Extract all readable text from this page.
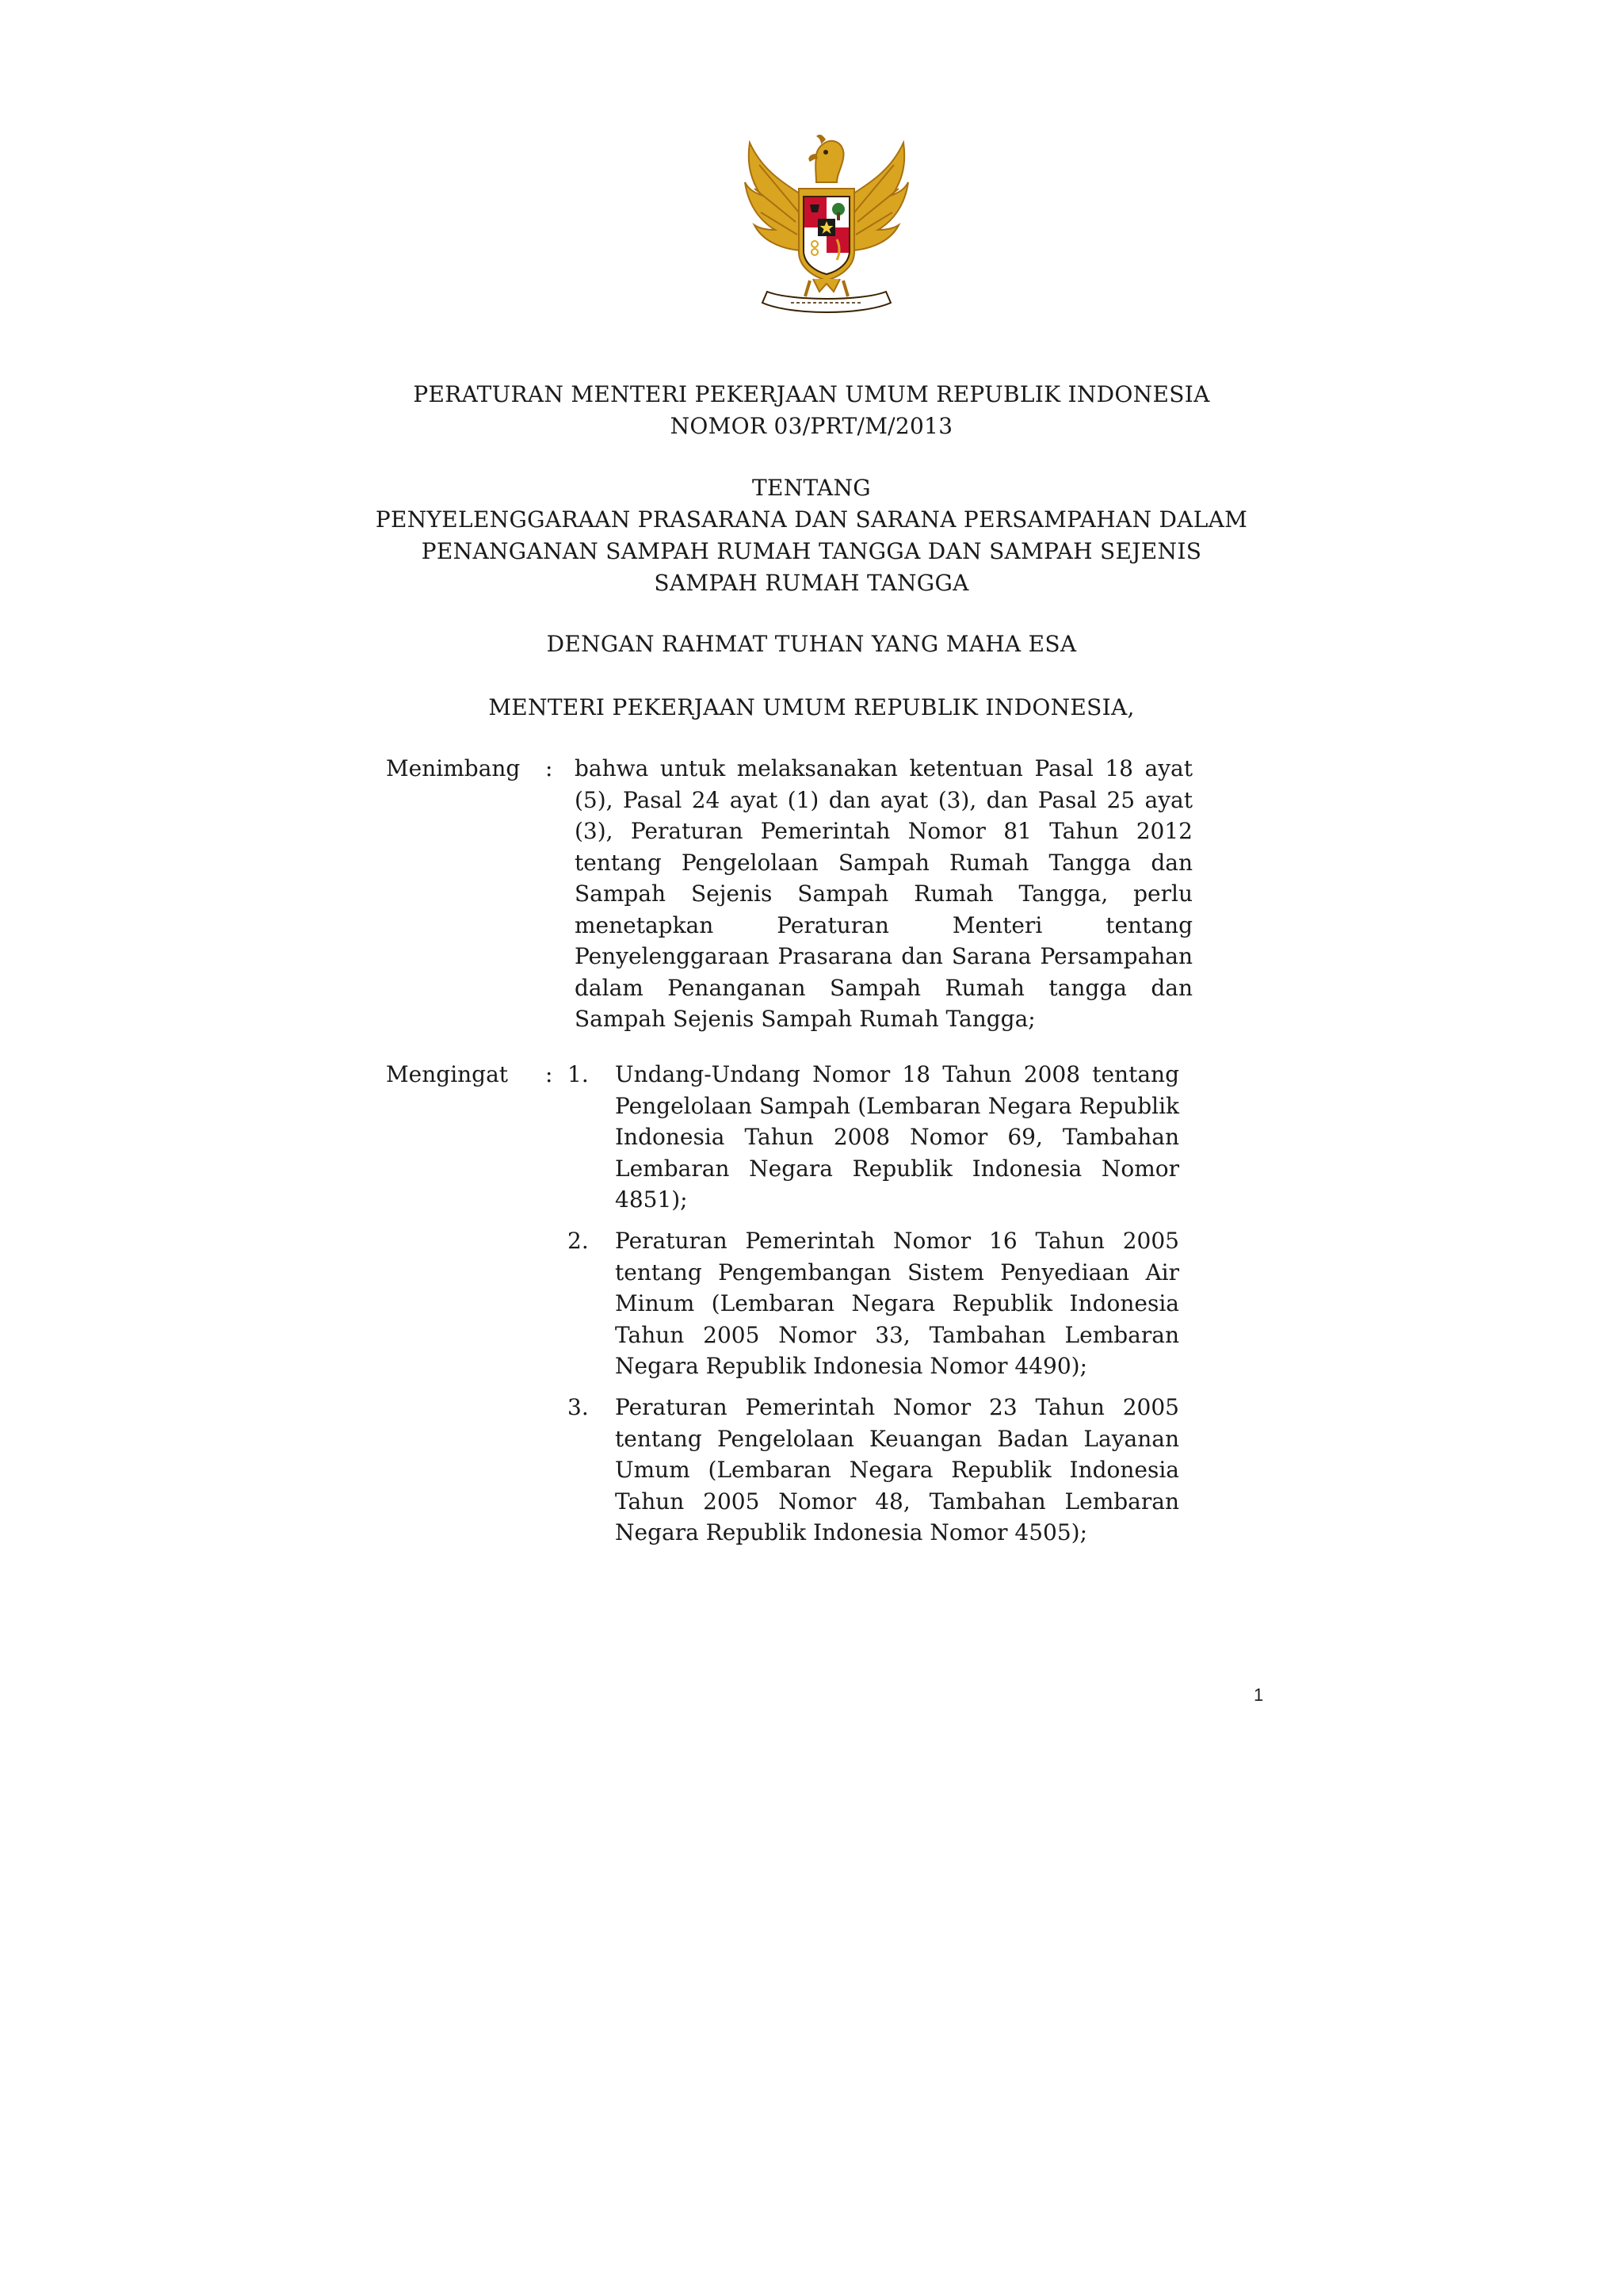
PERATURAN MENTERI PEKERJAAN UMUM REPUBLIK INDONESIA
NOMOR 03/PRT/M/2013
TENTANG
PENYELENGGARAAN PRASARANA DAN SARANA PERSAMPAHAN DALAM
PENANGANAN SAMPAH RUMAH TANGGA DAN SAMPAH SEJENIS
SAMPAH RUMAH TANGGA
DENGAN RAHMAT TUHAN YANG MAHA ESA
MENTERI PEKERJAAN UMUM REPUBLIK INDONESIA,
Menimbang : bahwa untuk melaksanakan ketentuan Pasal 18 ayat
(5), Pasal 24 ayat (1) dan ayat (3), dan Pasal 25 ayat
(3), Peraturan Pemerintah Nomor 81 Tahun 2012
tentang Pengelolaan Sampah Rumah Tangga dan
Sampah Sejenis Sampah Rumah Tangga, perlu
menetapkan Peraturan Menteri tentang
Penyelenggaraan Prasarana dan Sarana Persampahan
dalam Penanganan Sampah Rumah tangga dan
Sampah Sejenis Sampah Rumah Tangga;
Mengingat : 1. Undang-Undang Nomor 18 Tahun 2008 tentang
Pengelolaan Sampah (Lembaran Negara Republik
Indonesia Tahun 2008 Nomor 69, Tambahan
Lembaran Negara Republik Indonesia Nomor
4851);
2. Peraturan Pemerintah Nomor 16 Tahun 2005
tentang Pengembangan Sistem Penyediaan Air
Minum (Lembaran Negara Republik Indonesia
Tahun 2005 Nomor 33, Tambahan Lembaran
Negara Republik Indonesia Nomor 4490);
3. Peraturan Pemerintah Nomor 23 Tahun 2005
tentang Pengelolaan Keuangan Badan Layanan
Umum (Lembaran Negara Republik Indonesia
Tahun 2005 Nomor 48, Tambahan Lembaran
Negara Republik Indonesia Nomor 4505);
1
